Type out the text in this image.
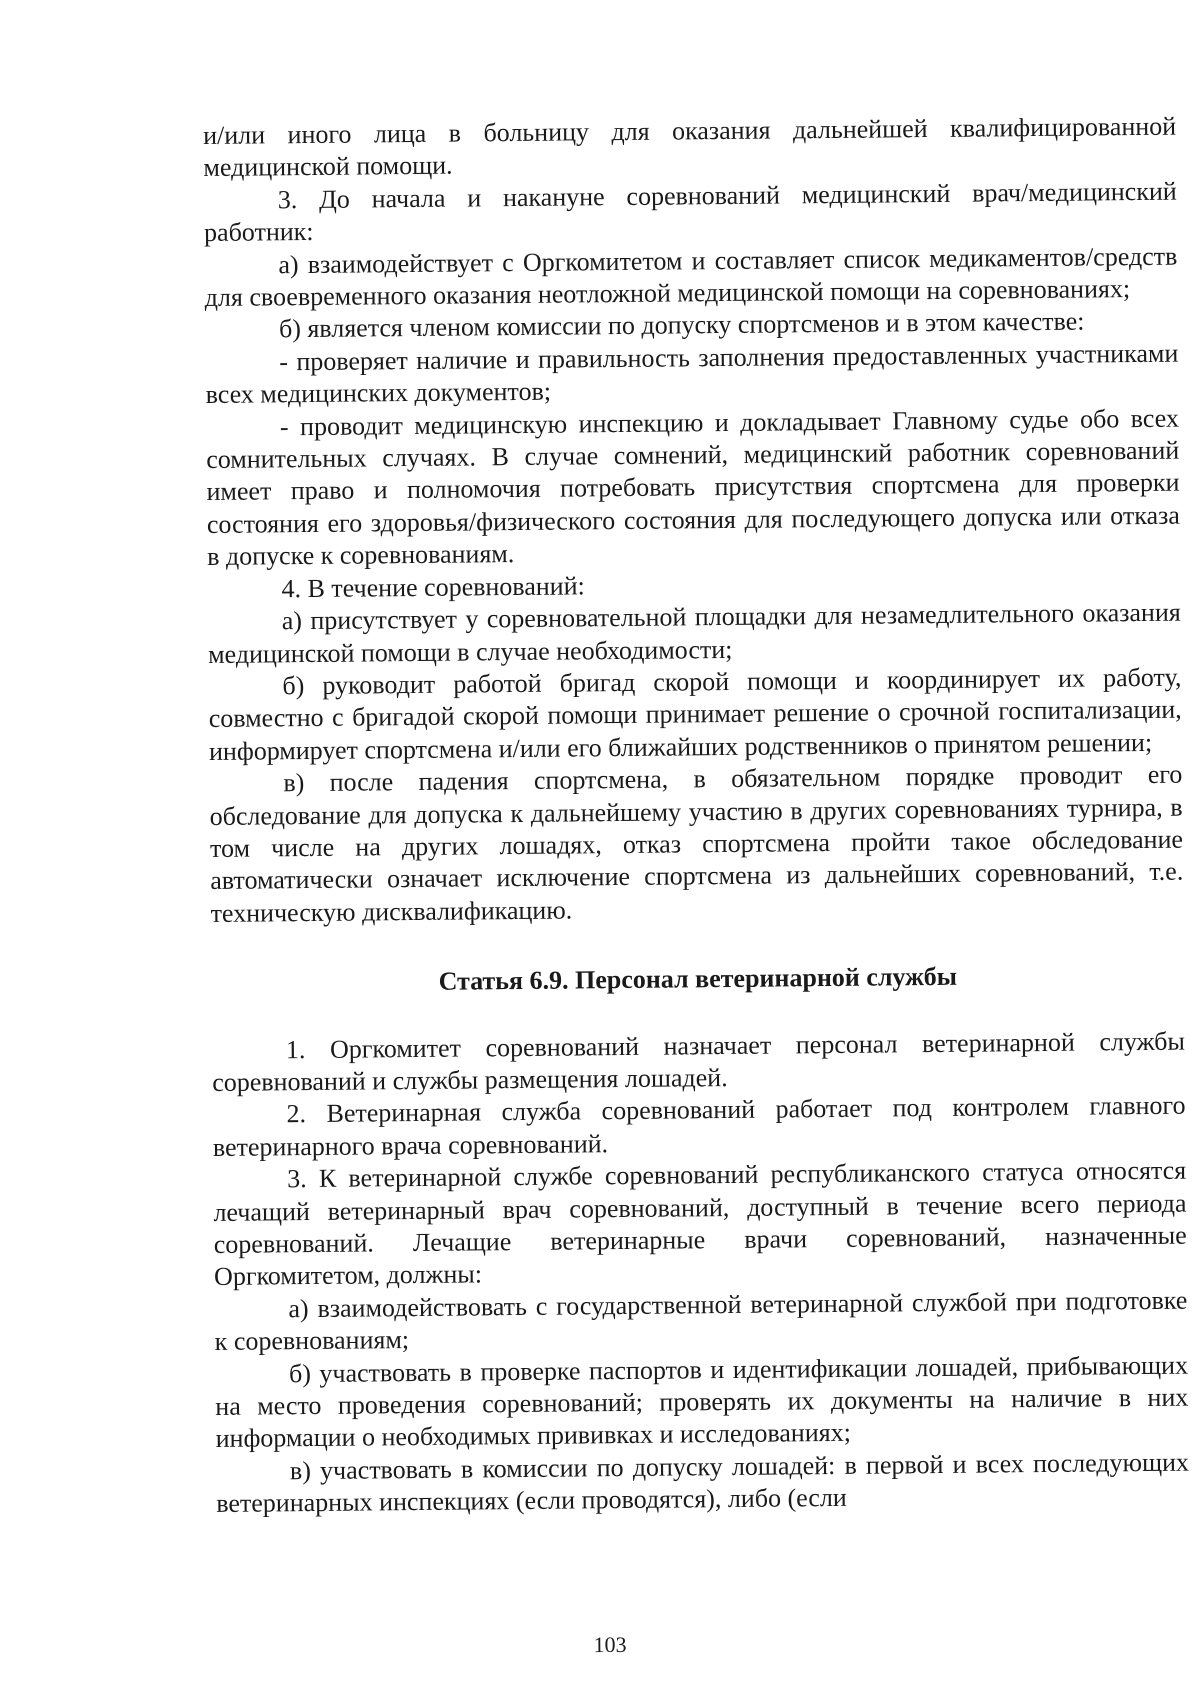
и/или иного лица в больницу для оказания дальнейшей квалифицированной медицинской помощи.

3. До начала и накануне соревнований медицинский врач/медицинский работник:

а) взаимодействует с Оргкомитетом и составляет список медикаментов/средств для своевременного оказания неотложной медицинской помощи на соревнованиях;

б) является членом комиссии по допуску спортсменов и в этом качестве:

- проверяет наличие и правильность заполнения предоставленных участниками всех медицинских документов;

- проводит медицинскую инспекцию и докладывает Главному судье обо всех сомнительных случаях. В случае сомнений, медицинский работник соревнований имеет право и полномочия потребовать присутствия спортсмена для проверки состояния его здоровья/физического состояния для последующего допуска или отказа в допуске к соревнованиям.

4. В течение соревнований:

а) присутствует у соревновательной площадки для незамедлительного оказания медицинской помощи в случае необходимости;

б) руководит работой бригад скорой помощи и координирует их работу, совместно с бригадой скорой помощи принимает решение о срочной госпитализации, информирует спортсмена и/или его ближайших родственников о принятом решении;

в) после падения спортсмена, в обязательном порядке проводит его обследование для допуска к дальнейшему участию в других соревнованиях турнира, в том числе на других лошадях, отказ спортсмена пройти такое обследование автоматически означает исключение спортсмена из дальнейших соревнований, т.е. техническую дисквалификацию.

Статья 6.9. Персонал ветеринарной службы

1. Оргкомитет соревнований назначает персонал ветеринарной службы соревнований и службы размещения лошадей.

2. Ветеринарная служба соревнований работает под контролем главного ветеринарного врача соревнований.

3. К ветеринарной службе соревнований республиканского статуса относятся лечащий ветеринарный врач соревнований, доступный в течение всего периода соревнований. Лечащие ветеринарные врачи соревнований, назначенные Оргкомитетом, должны:

а) взаимодействовать с государственной ветеринарной службой при подготовке к соревнованиям;

б) участвовать в проверке паспортов и идентификации лошадей, прибывающих на место проведения соревнований; проверять их документы на наличие в них информации о необходимых прививках и исследованиях;

в) участвовать в комиссии по допуску лошадей: в первой и всех последующих ветеринарных инспекциях (если проводятся), либо (если

103
